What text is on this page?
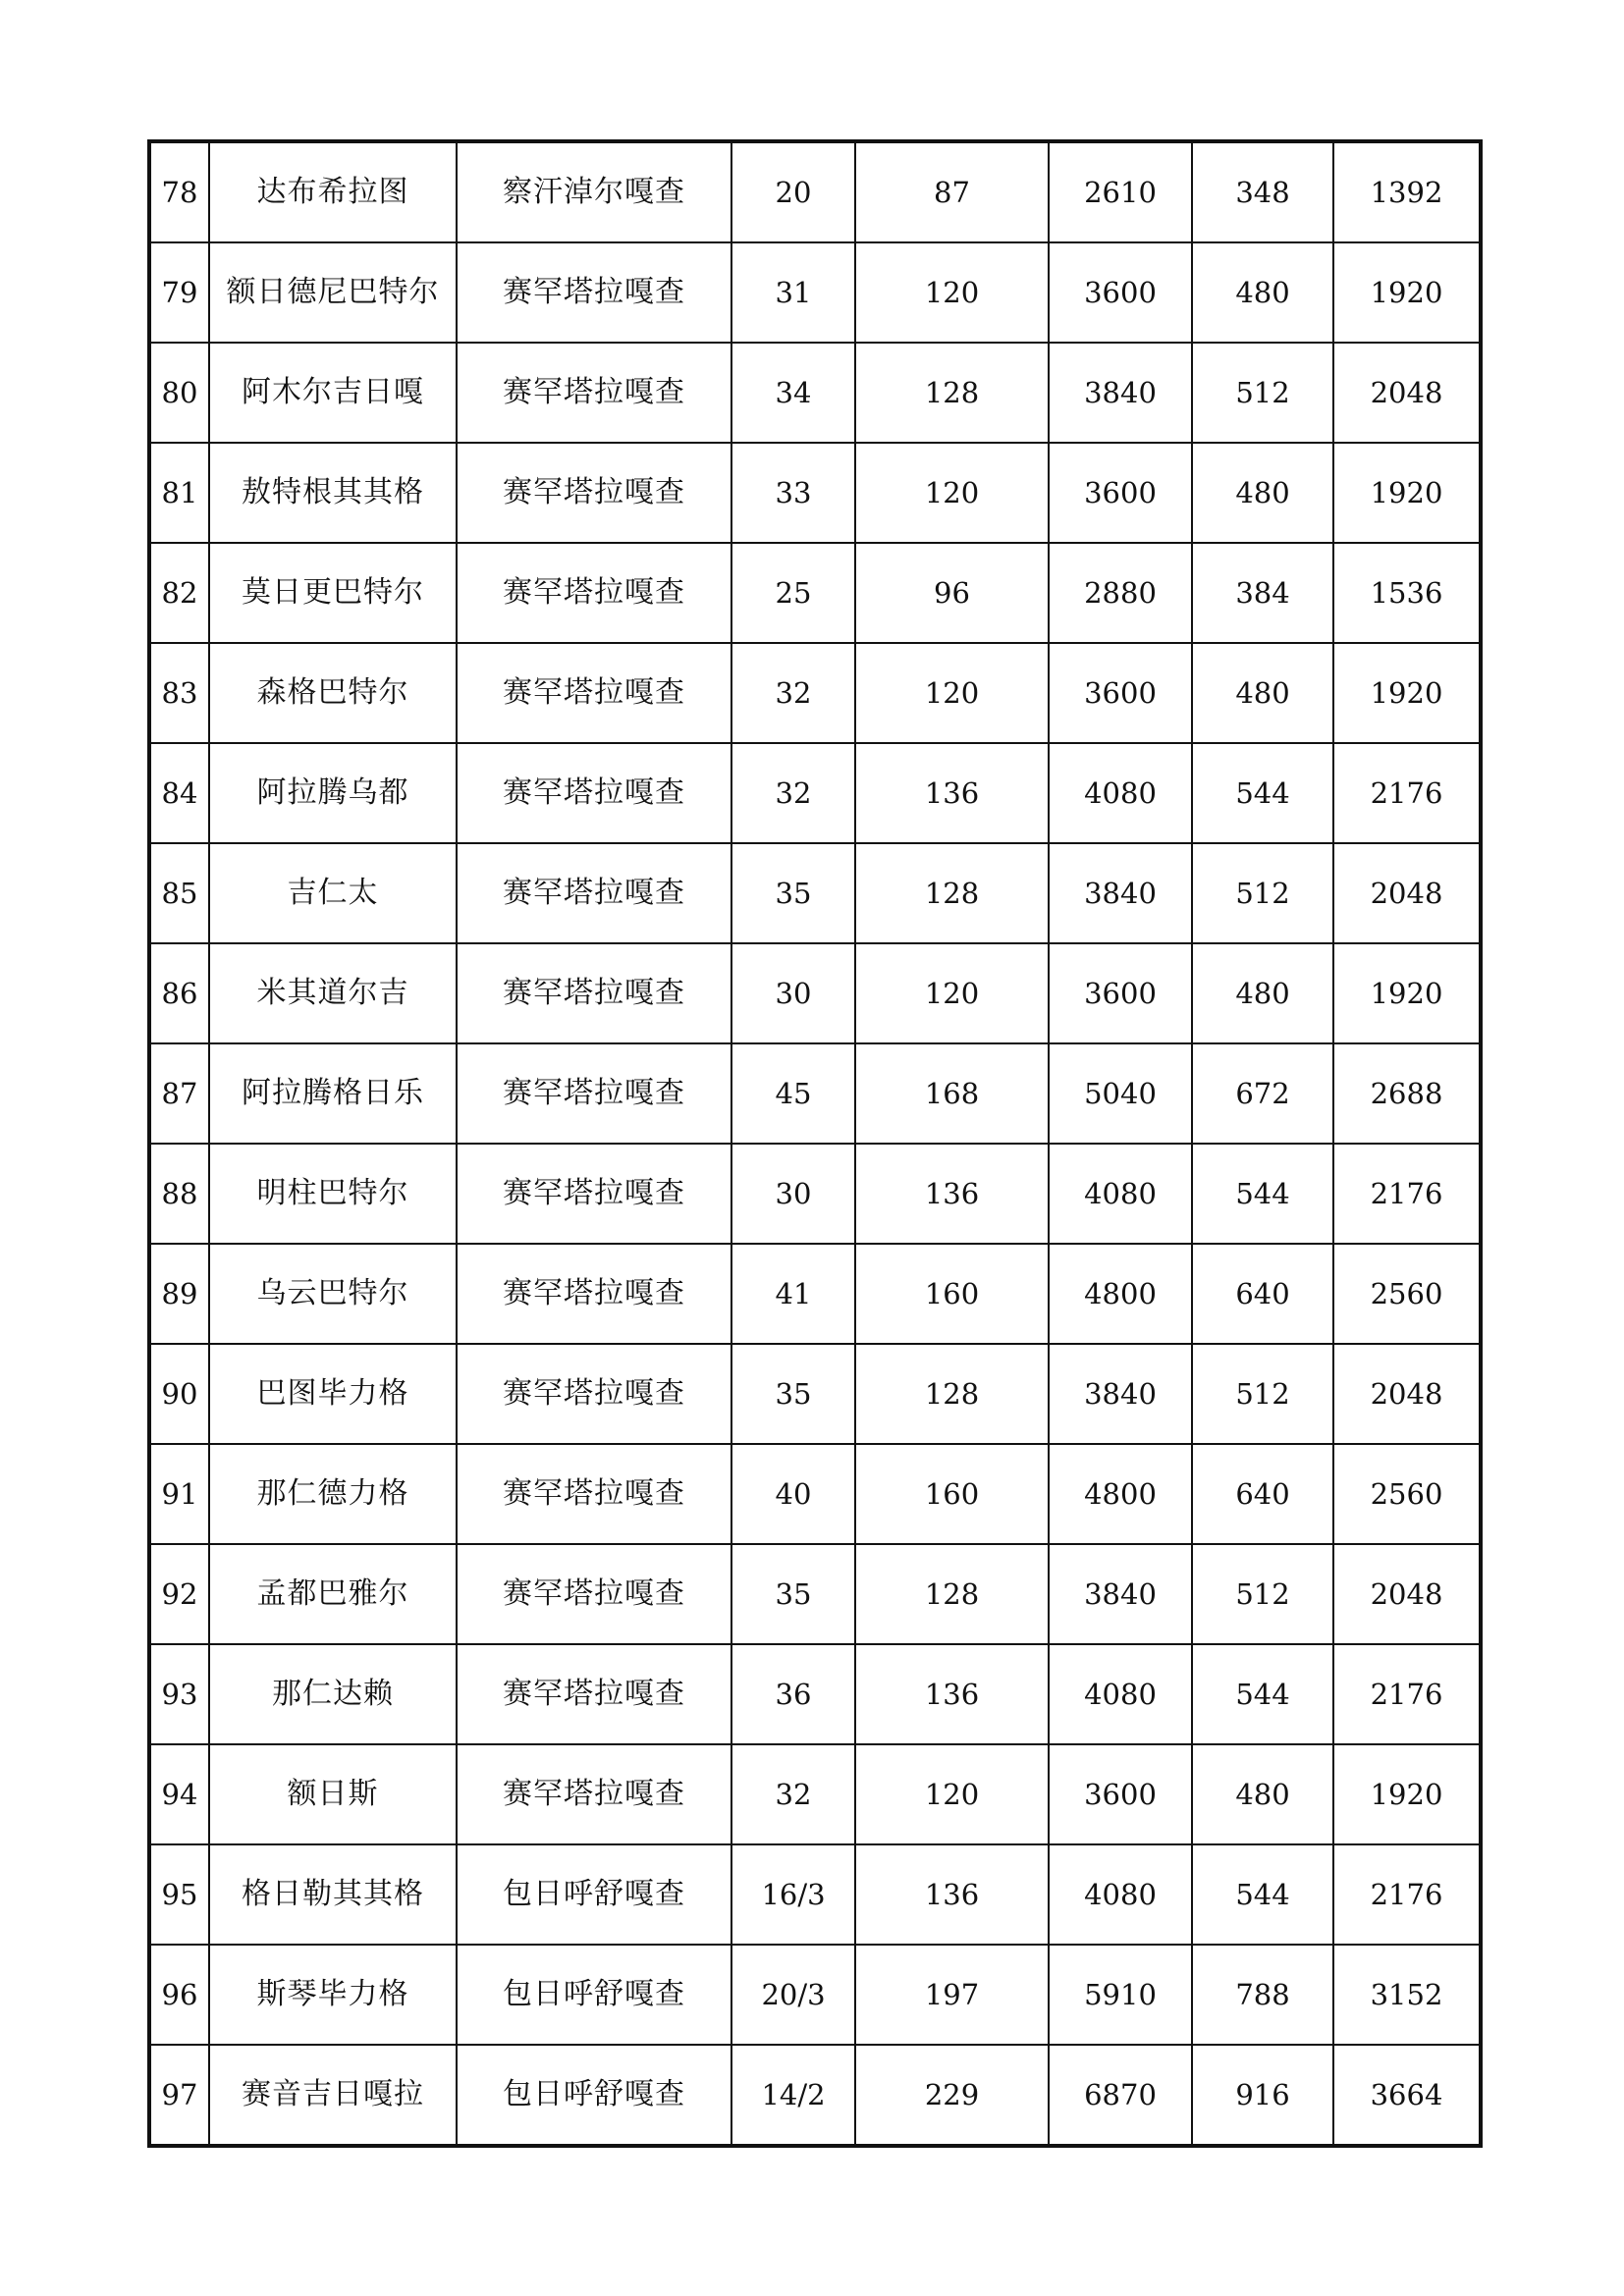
78	达布希拉图	察汗淖尔嘎查	20	87	2610	348	1392
79	额日德尼巴特尔	赛罕塔拉嘎查	31	120	3600	480	1920
80	阿木尔吉日嘎	赛罕塔拉嘎查	34	128	3840	512	2048
81	敖特根其其格	赛罕塔拉嘎查	33	120	3600	480	1920
82	莫日更巴特尔	赛罕塔拉嘎查	25	96	2880	384	1536
83	森格巴特尔	赛罕塔拉嘎查	32	120	3600	480	1920
84	阿拉腾乌都	赛罕塔拉嘎查	32	136	4080	544	2176
85	吉仁太	赛罕塔拉嘎查	35	128	3840	512	2048
86	米其道尔吉	赛罕塔拉嘎查	30	120	3600	480	1920
87	阿拉腾格日乐	赛罕塔拉嘎查	45	168	5040	672	2688
88	明柱巴特尔	赛罕塔拉嘎查	30	136	4080	544	2176
89	乌云巴特尔	赛罕塔拉嘎查	41	160	4800	640	2560
90	巴图毕力格	赛罕塔拉嘎查	35	128	3840	512	2048
91	那仁德力格	赛罕塔拉嘎查	40	160	4800	640	2560
92	孟都巴雅尔	赛罕塔拉嘎查	35	128	3840	512	2048
93	那仁达赖	赛罕塔拉嘎查	36	136	4080	544	2176
94	额日斯	赛罕塔拉嘎查	32	120	3600	480	1920
95	格日勒其其格	包日呼舒嘎查	16/3	136	4080	544	2176
96	斯琴毕力格	包日呼舒嘎查	20/3	197	5910	788	3152
97	赛音吉日嘎拉	包日呼舒嘎查	14/2	229	6870	916	3664
